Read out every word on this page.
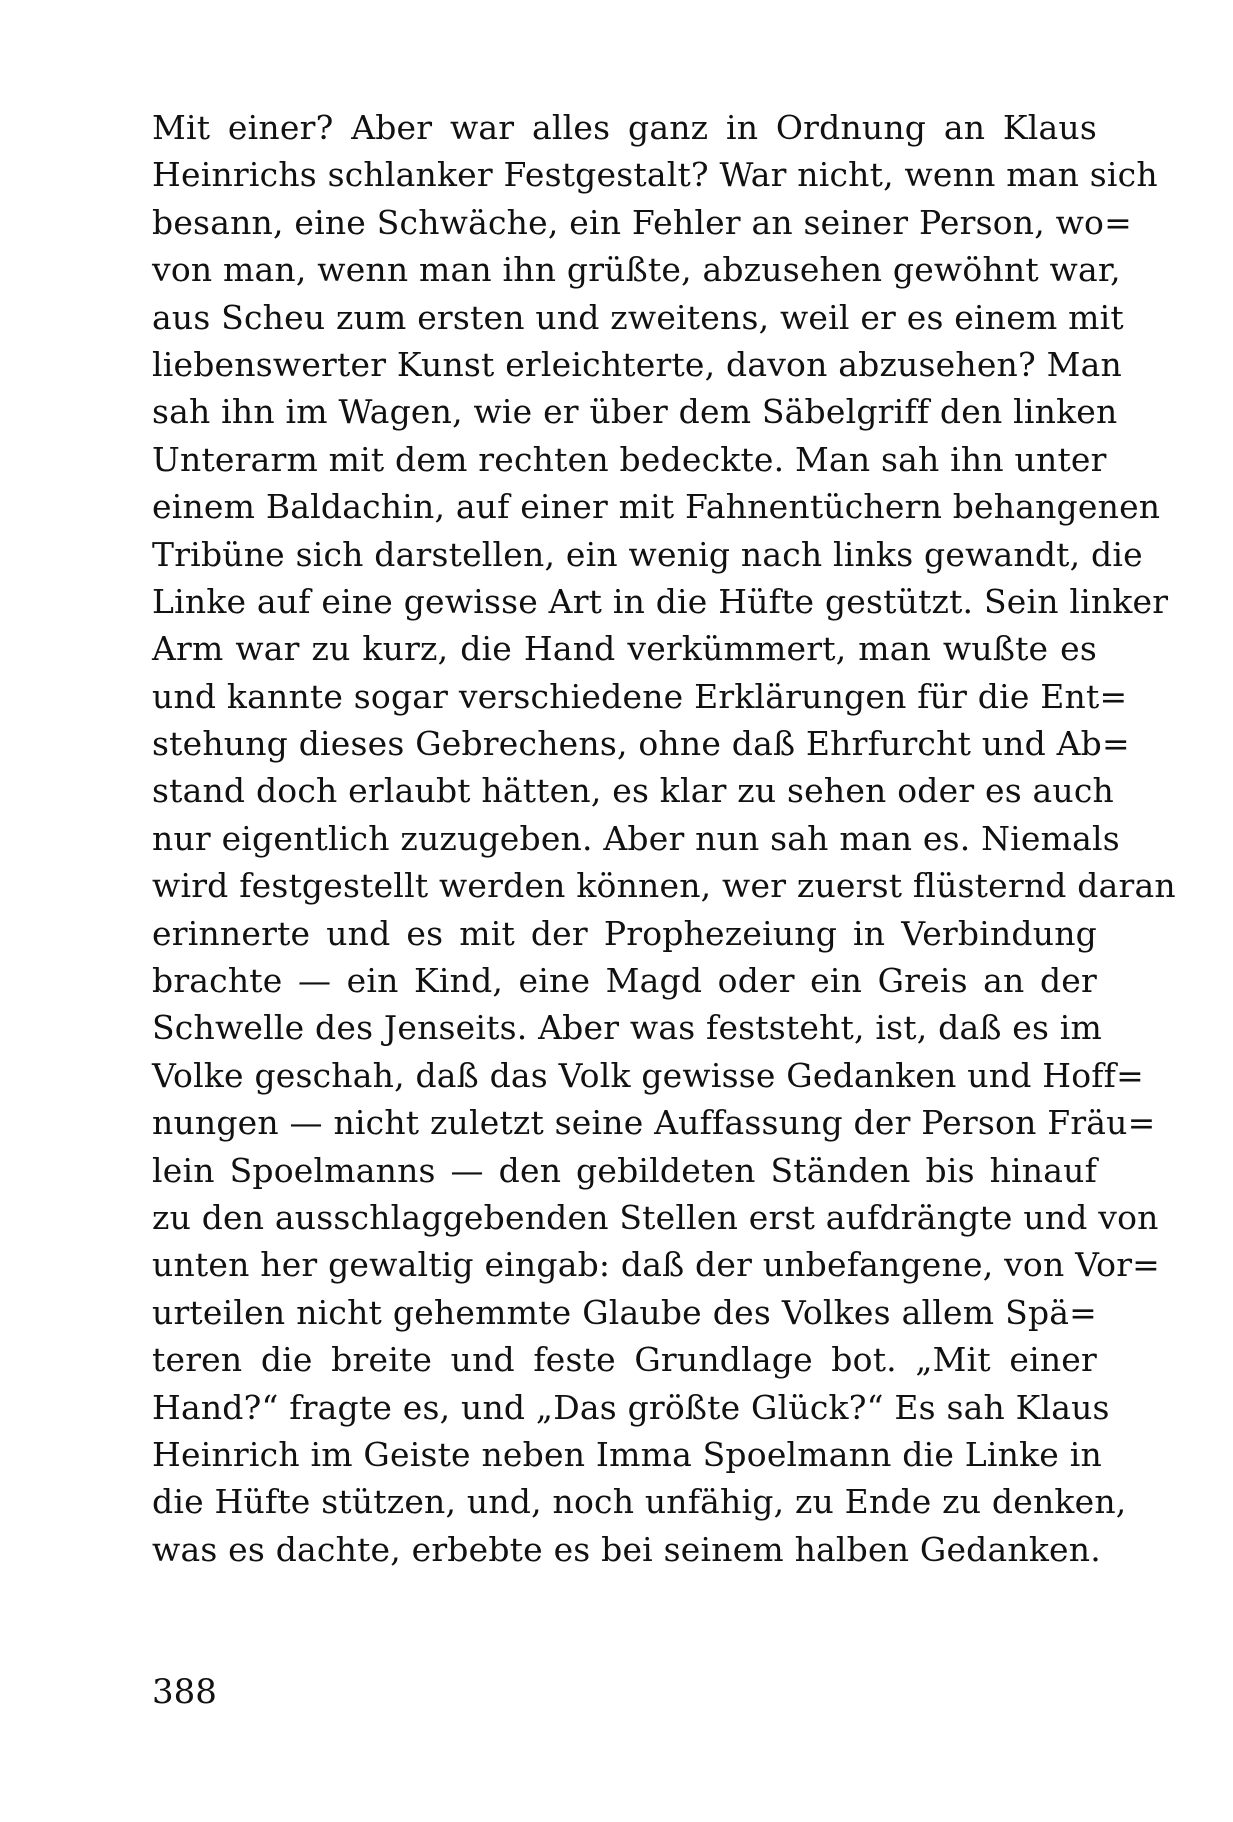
Mit einer? Aber war alles ganz in Ordnung an Klaus
Heinrichs schlanker Festgestalt? War nicht, wenn man sich
besann, eine Schwäche, ein Fehler an seiner Person, wo=
von man, wenn man ihn grüßte, abzusehen gewöhnt war,
aus Scheu zum ersten und zweitens, weil er es einem mit
liebenswerter Kunst erleichterte, davon abzusehen? Man
sah ihn im Wagen, wie er über dem Säbelgriff den linken
Unterarm mit dem rechten bedeckte. Man sah ihn unter
einem Baldachin, auf einer mit Fahnentüchern behangenen
Tribüne sich darstellen, ein wenig nach links gewandt, die
Linke auf eine gewisse Art in die Hüfte gestützt. Sein linker
Arm war zu kurz, die Hand verkümmert, man wußte es
und kannte sogar verschiedene Erklärungen für die Ent=
stehung dieses Gebrechens, ohne daß Ehrfurcht und Ab=
stand doch erlaubt hätten, es klar zu sehen oder es auch
nur eigentlich zuzugeben. Aber nun sah man es. Niemals
wird festgestellt werden können, wer zuerst flüsternd daran
erinnerte und es mit der Prophezeiung in Verbindung
brachte — ein Kind, eine Magd oder ein Greis an der
Schwelle des Jenseits. Aber was feststeht, ist, daß es im
Volke geschah, daß das Volk gewisse Gedanken und Hoff=
nungen — nicht zuletzt seine Auffassung der Person Fräu=
lein Spoelmanns — den gebildeten Ständen bis hinauf
zu den ausschlaggebenden Stellen erst aufdrängte und von
unten her gewaltig eingab: daß der unbefangene, von Vor=
urteilen nicht gehemmte Glaube des Volkes allem Spä=
teren die breite und feste Grundlage bot. „Mit einer
Hand?“ fragte es, und „Das größte Glück?“ Es sah Klaus
Heinrich im Geiste neben Imma Spoelmann die Linke in
die Hüfte stützen, und, noch unfähig, zu Ende zu denken,
was es dachte, erbebte es bei seinem halben Gedanken.
388
